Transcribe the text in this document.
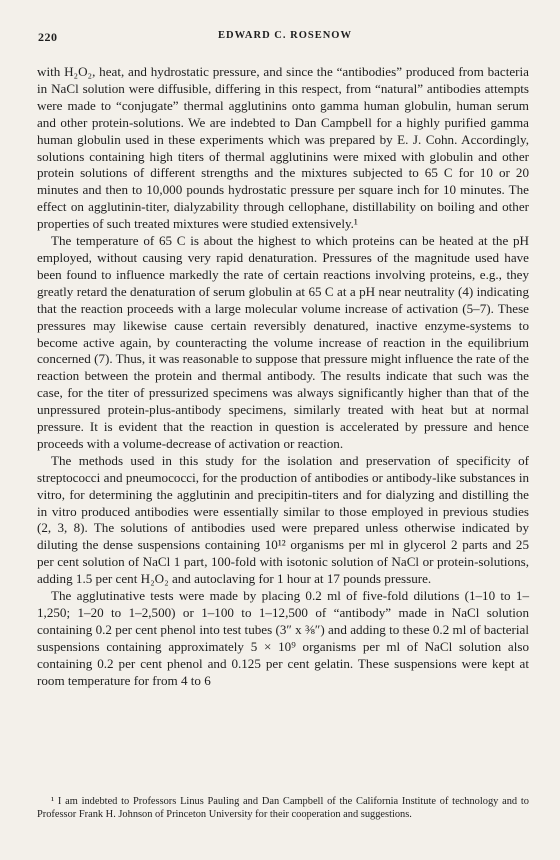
220	EDWARD C. ROSENOW

with H₂O₂, heat, and hydrostatic pressure, and since the “antibodies” produced from bacteria in NaCl solution were diffusible, differing in this respect, from “natural” antibodies attempts were made to “conjugate” thermal agglutinins onto gamma human globulin, human serum and other protein-solutions. We are indebted to Dan Campbell for a highly purified gamma human globulin used in these experiments which was prepared by E. J. Cohn. Accordingly, solutions containing high titers of thermal agglutinins were mixed with globulin and other protein solutions of different strengths and the mixtures subjected to 65 C for 10 or 20 minutes and then to 10,000 pounds hydrostatic pressure per square inch for 10 minutes. The effect on agglutinin-titer, dialyzability through cellophane, distillability on boiling and other properties of such treated mixtures were studied extensively.¹

The temperature of 65 C is about the highest to which proteins can be heated at the pH employed, without causing very rapid denaturation. Pressures of the magnitude used have been found to influence markedly the rate of certain reactions involving proteins, e.g., they greatly retard the denaturation of serum globulin at 65 C at a pH near neutrality (4) indicating that the reaction proceeds with a large molecular volume increase of activation (5–7). These pressures may likewise cause certain reversibly denatured, inactive enzyme-systems to become active again, by counteracting the volume increase of reaction in the equilibrium concerned (7). Thus, it was reasonable to suppose that pressure might influence the rate of the reaction between the protein and thermal antibody. The results indicate that such was the case, for the titer of pressurized specimens was always significantly higher than that of the unpressured protein-plus-antibody specimens, similarly treated with heat but at normal pressure. It is evident that the reaction in question is accelerated by pressure and hence proceeds with a volume-decrease of activation or reaction.

The methods used in this study for the isolation and preservation of specificity of streptococci and pneumococci, for the production of antibodies or antibody-like substances in vitro, for determining the agglutinin and precipitin-titers and for dialyzing and distilling the in vitro produced antibodies were essentially similar to those employed in previous studies (2, 3, 8). The solutions of antibodies used were prepared unless otherwise indicated by diluting the dense suspensions containing 10¹² organisms per ml in glycerol 2 parts and 25 per cent solution of NaCl 1 part, 100-fold with isotonic solution of NaCl or protein-solutions, adding 1.5 per cent H₂O₂ and autoclaving for 1 hour at 17 pounds pressure.

The agglutinative tests were made by placing 0.2 ml of five-fold dilutions (1–10 to 1–1,250; 1–20 to 1–2,500) or 1–100 to 1–12,500 of “antibody” made in NaCl solution containing 0.2 per cent phenol into test tubes (3″ x ⅜″) and adding to these 0.2 ml of bacterial suspensions containing approximately 5 × 10⁹ organisms per ml of NaCl solution also containing 0.2 per cent phenol and 0.125 per cent gelatin. These suspensions were kept at room temperature for from 4 to 6

¹ I am indebted to Professors Linus Pauling and Dan Campbell of the California Institute of technology and to Professor Frank H. Johnson of Princeton University for their cooperation and suggestions.
